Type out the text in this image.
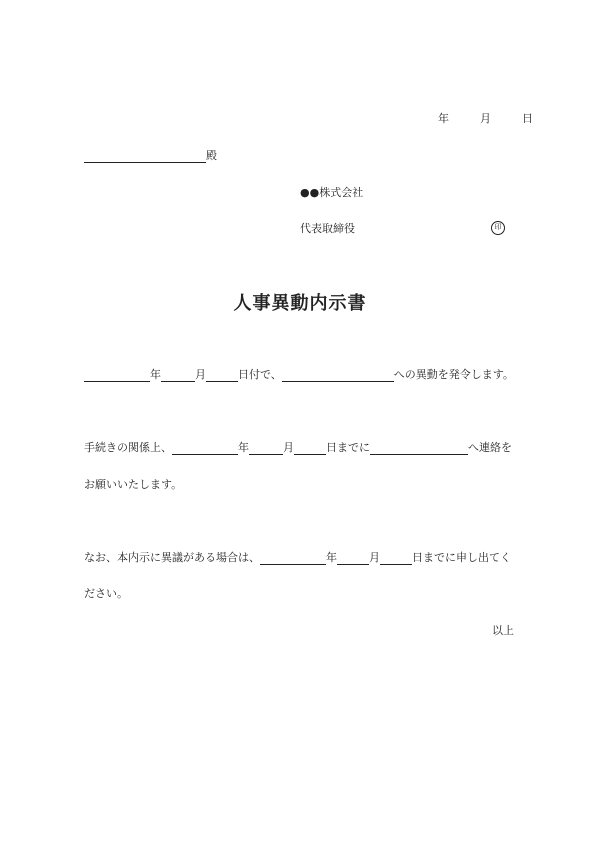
年	月	日
殿
●●株式会社
代表取締役	印
人事異動内示書
年	月	日付で、	への異動を発令します。
手続きの関係上、	年	月	日までに	へ連絡を
お願いいたします。
なお、本内示に異議がある場合は、	年	月	日までに申し出てく
ださい。
以上
